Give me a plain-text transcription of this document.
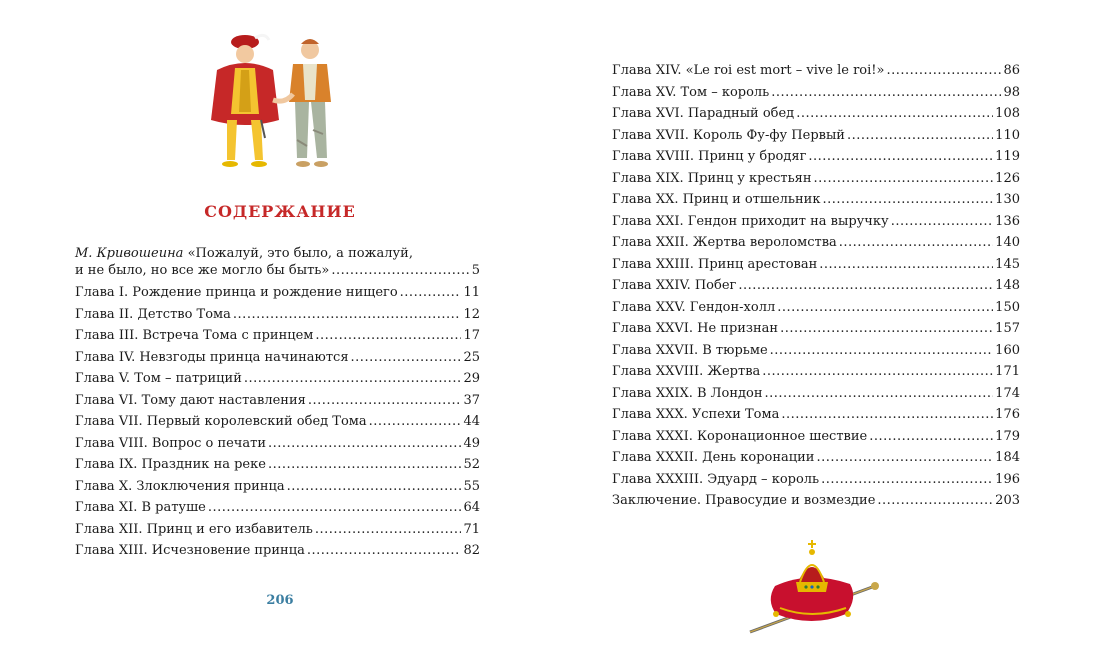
СОДЕРЖАНИЕ
М. Кривошеина «Пожалуй, это было, а пожалуй,
и не было, но все же могло бы быть» .....	5
Глава I. Рождение принца и рождение нищего .....	11
Глава II. Детство Тома .....	12
Глава III. Встреча Тома с принцем .....	17
Глава IV. Невзгоды принца начинаются .....	25
Глава V. Том – патриций .....	29
Глава VI. Тому дают наставления .....	37
Глава VII. Первый королевский обед Тома .....	44
Глава VIII. Вопрос о печати .....	49
Глава IX. Праздник на реке .....	52
Глава X. Злоключения принца .....	55
Глава XI. В ратуше .....	64
Глава XII. Принц и его избавитель .....	71
Глава XIII. Исчезновение принца .....	82
206
Глава XIV. «Le roi est mort – vive le roi!» .....	86
Глава XV. Том – король .....	98
Глава XVI. Парадный обед .....	108
Глава XVII. Король Фу-фу Первый .....	110
Глава XVIII. Принц у бродяг .....	119
Глава XIX. Принц у крестьян .....	126
Глава XX. Принц и отшельник .....	130
Глава XXI. Гендон приходит на выручку .....	136
Глава XXII. Жертва вероломства .....	140
Глава XXIII. Принц арестован .....	145
Глава XXIV. Побег .....	148
Глава XXV. Гендон-холл .....	150
Глава XXVI. Не признан .....	157
Глава XXVII. В тюрьме .....	160
Глава XXVIII. Жертва .....	171
Глава XXIX. В Лондон .....	174
Глава XXX. Успехи Тома .....	176
Глава XXXI. Коронационное шествие .....	179
Глава XXXII. День коронации .....	184
Глава XXXIII. Эдуард – король .....	196
Заключение. Правосудие и возмездие .....	203
